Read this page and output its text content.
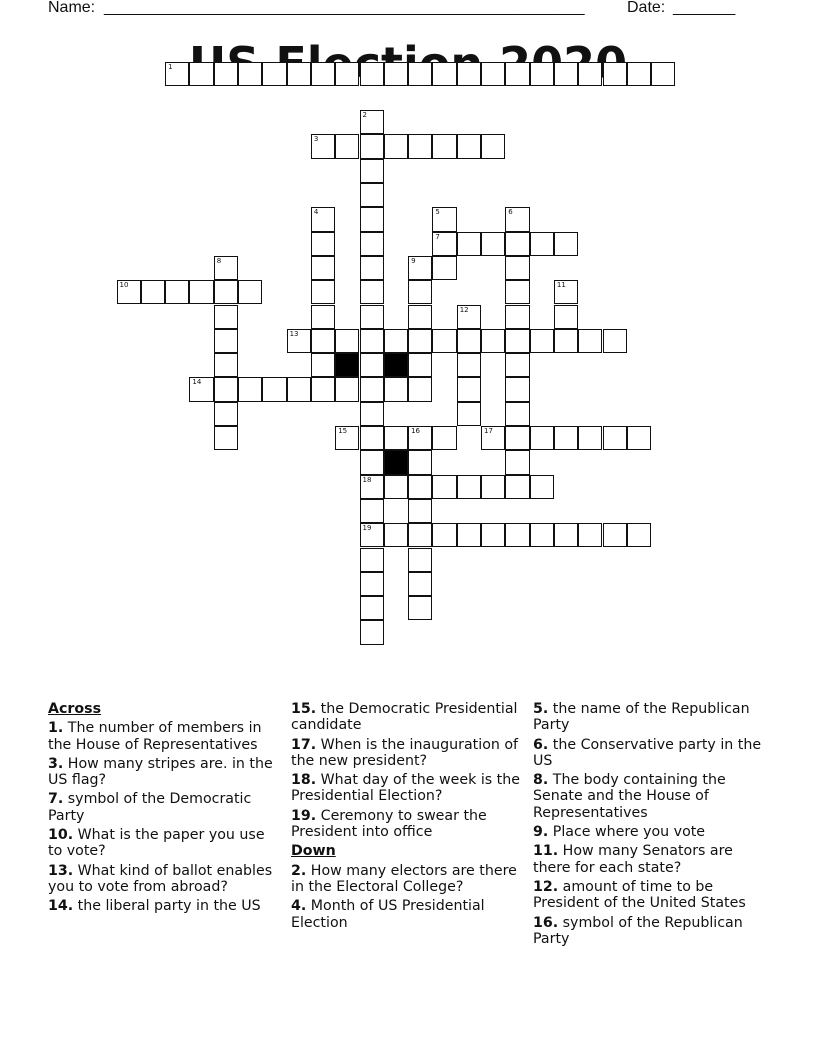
Name: ______________________________________________________	Date: _______
1
2
18
19
3
4	5
7
6
8	9
10	11
12
13
14
15	16	17
Across
1. The number of members in the House of Representatives
3. How many stripes are. in the US flag?
7. symbol of the Democratic Party
10. What is the paper you use to vote?
13. What kind of ballot enables you to vote from abroad?
14. the liberal party in the US
15. the Democratic Presidential candidate
17. When is the inauguration of the new president?
18. What day of the week is the Presidential Election?
19. Ceremony to swear the President into office
Down
2. How many electors are there in the Electoral College?
4. Month of US Presidential Election
5. the name of the Republican Party
6. the Conservative party in the US
8. The body containing the Senate and the House of Representatives
9. Place where you vote
11. How many Senators are there for each state?
12. amount of time to be President of the United States
16. symbol of the Republican Party
